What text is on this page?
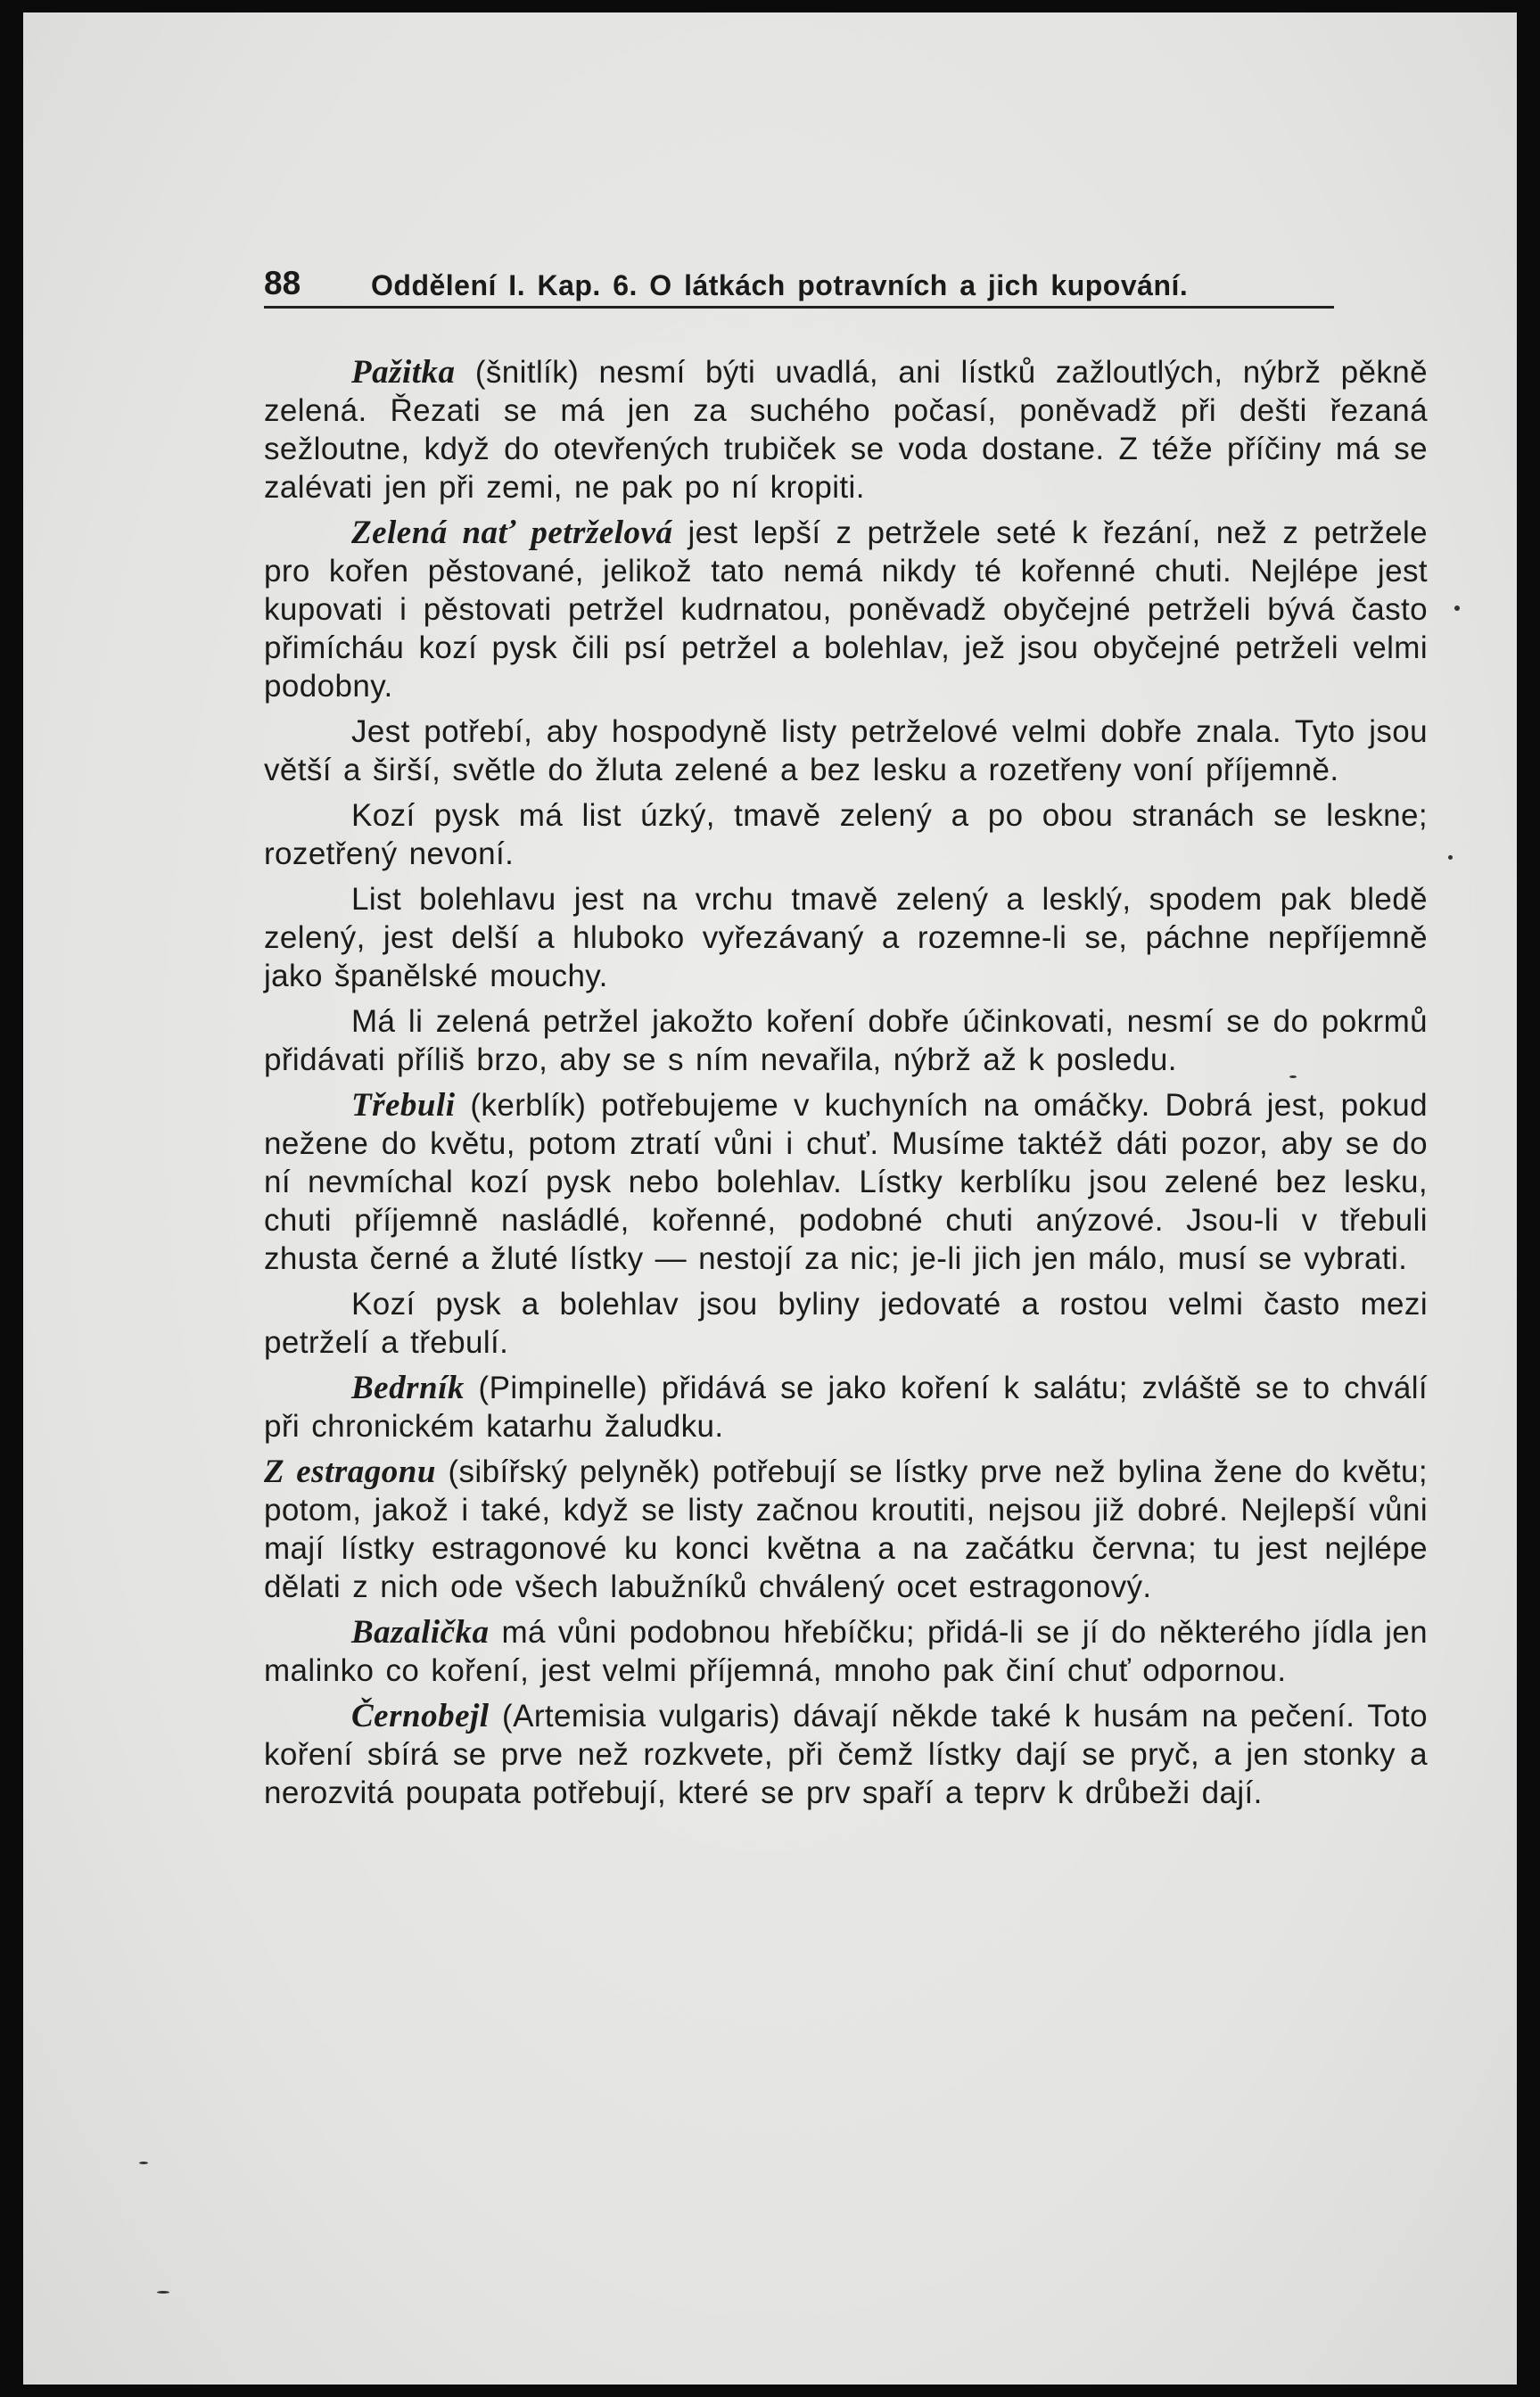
88	Oddělení I. Kap. 6. O látkách potravních a jich kupování.

Pažitka (šnitlík) nesmí býti uvadlá, ani lístků zažloutlých, nýbrž pěkně zelená. Řezati se má jen za suchého počasí, poněvadž při dešti řezaná sežloutne, když do otevřených trubiček se voda dostane. Z téže příčiny má se zalévati jen při zemi, ne pak po ní kropiti.

Zelená nať petrželová jest lepší z petržele seté k řezání, než z petržele pro kořen pěstované, jelikož tato nemá nikdy té kořenné chuti. Nejlépe jest kupovati i pěstovati petržel kudrnatou, poněvadž obyčejné petrželi bývá často přimícháu kozí pysk čili psí petržel a bolehlav, jež jsou obyčejné petrželi velmi podobny.

Jest potřebí, aby hospodyně listy petrželové velmi dobře znala. Tyto jsou větší a širší, světle do žluta zelené a bez lesku a rozetřeny voní příjemně.

Kozí pysk má list úzký, tmavě zelený a po obou stranách se leskne; rozetřený nevoní.

List bolehlavu jest na vrchu tmavě zelený a lesklý, spodem pak bledě zelený, jest delší a hluboko vyřezávaný a rozemne-li se, páchne nepříjemně jako španělské mouchy.

Má li zelená petržel jakožto koření dobře účinkovati, nesmí se do pokrmů přidávati příliš brzo, aby se s ním nevařila, nýbrž až k posledu.

Třebuli (kerblík) potřebujeme v kuchyních na omáčky. Dobrá jest, pokud nežene do květu, potom ztratí vůni i chuť. Musíme taktéž dáti pozor, aby se do ní nevmíchal kozí pysk nebo bolehlav. Lístky kerblíku jsou zelené bez lesku, chuti příjemně nasládlé, kořenné, podobné chuti anýzové. Jsou-li v třebuli zhusta černé a žluté lístky — nestojí za nic; je-li jich jen málo, musí se vybrati.

Kozí pysk a bolehlav jsou byliny jedovaté a rostou velmi často mezi petrželí a třebulí.

Bedrník (Pimpinelle) přidává se jako koření k salátu; zvláště se to chválí při chronickém katarhu žaludku.

Z estragonu (sibířský pelyněk) potřebují se lístky prve než bylina žene do květu; potom, jakož i také, když se listy začnou kroutiti, nejsou již dobré. Nejlepší vůni mají lístky estragonové ku konci května a na začátku června; tu jest nejlépe dělati z nich ode všech labužníků chválený ocet estragonový.

Bazalička má vůni podobnou hřebíčku; přidá-li se jí do některého jídla jen malinko co koření, jest velmi příjemná, mnoho pak činí chuť odpornou.

Černobejl (Artemisia vulgaris) dávají někde také k husám na pečení. Toto koření sbírá se prve než rozkvete, při čemž lístky dají se pryč, a jen stonky a nerozvitá poupata potřebují, které se prv spaří a teprv k drůbeži dají.
